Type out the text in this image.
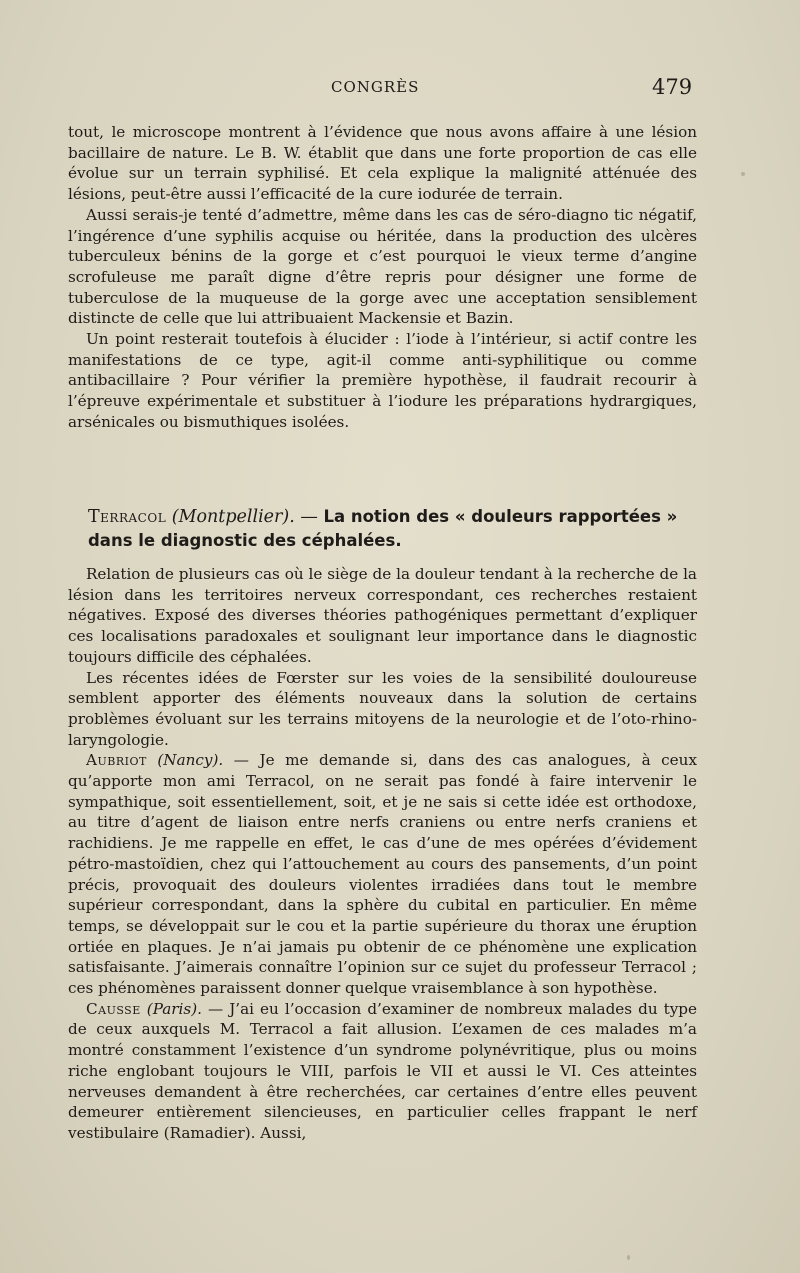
CONGRÈS	479

tout, le microscope montrent à l’évidence que nous avons affaire à une lésion bacillaire de nature. Le B. W. établit que dans une forte proportion de cas elle évolue sur un terrain syphilisé. Et cela explique la malignité atténuée des lésions, peut-être aussi l’efficacité de la cure iodurée de terrain.

Aussi serais-je tenté d’admettre, même dans les cas de séro-diagno tic négatif, l’ingérence d’une syphilis acquise ou héritée, dans la production des ulcères tuberculeux bénins de la gorge et c’est pourquoi le vieux terme d’angine scrofuleuse me paraît digne d’être repris pour désigner une forme de tuberculose de la muqueuse de la gorge avec une acceptation sensiblement distincte de celle que lui attribuaient Mackensie et Bazin.

Un point resterait toutefois à élucider : l’iode à l’intérieur, si actif contre les manifestations de ce type, agit-il comme anti-syphilitique ou comme antibacillaire ? Pour vérifier la première hypothèse, il faudrait recourir à l’épreuve expérimentale et substituer à l’iodure les préparations hydrargiques, arsénicales ou bismuthiques isolées.

Terracol (Montpellier). — La notion des « douleurs rapportées » dans le diagnostic des céphalées.

Relation de plusieurs cas où le siège de la douleur tendant à la recherche de la lésion dans les territoires nerveux correspondant, ces recherches restaient négatives. Exposé des diverses théories pathogéniques permettant d’expliquer ces localisations paradoxales et soulignant leur importance dans le diagnostic toujours difficile des céphalées.

Les récentes idées de Fœrster sur les voies de la sensibilité douloureuse semblent apporter des éléments nouveaux dans la solution de certains problèmes évoluant sur les terrains mitoyens de la neurologie et de l’oto-rhino-laryngologie.

Aubriot (Nancy). — Je me demande si, dans des cas analogues, à ceux qu’apporte mon ami Terracol, on ne serait pas fondé à faire intervenir le sympathique, soit essentiellement, soit, et je ne sais si cette idée est orthodoxe, au titre d’agent de liaison entre nerfs craniens ou entre nerfs craniens et rachidiens. Je me rappelle en effet, le cas d’une de mes opérées d’évidement pétro-mastoïdien, chez qui l’attouchement au cours des pansements, d’un point précis, provoquait des douleurs violentes irradiées dans tout le membre supérieur correspondant, dans la sphère du cubital en particulier. En même temps, se développait sur le cou et la partie supérieure du thorax une éruption ortiée en plaques. Je n’ai jamais pu obtenir de ce phénomène une explication satisfaisante. J’aimerais connaître l’opinion sur ce sujet du professeur Terracol ; ces phénomènes paraissent donner quelque vraisemblance à son hypothèse.

Causse (Paris). — J’ai eu l’occasion d’examiner de nombreux malades du type de ceux auxquels M. Terracol a fait allusion. L’examen de ces malades m’a montré constamment l’existence d’un syndrome polynévritique, plus ou moins riche englobant toujours le VIII, parfois le VII et aussi le VI. Ces atteintes nerveuses demandent à être recherchées, car certaines d’entre elles peuvent demeurer entièrement silencieuses, en particulier celles frappant le nerf vestibulaire (Ramadier). Aussi,
